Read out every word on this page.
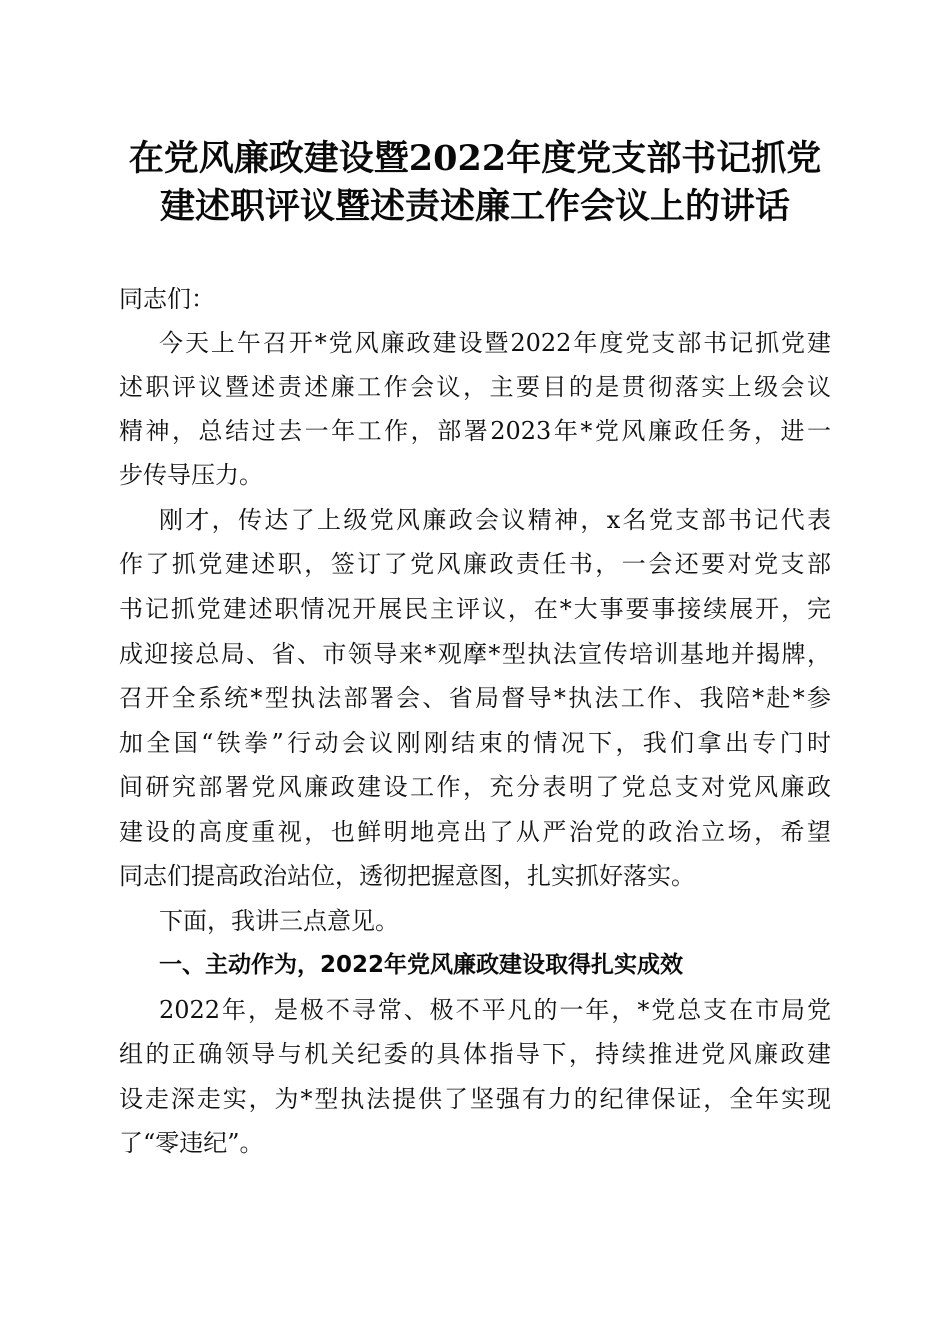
在党风廉政建设暨2022年度党支部书记抓党
建述职评议暨述责述廉工作会议上的讲话
同志们：
今天上午召开*党风廉政建设暨2022年度党支部书记抓党建
述职评议暨述责述廉工作会议，主要目的是贯彻落实上级会议
精神，总结过去一年工作，部署2023年*党风廉政任务，进一
步传导压力。
刚才，传达了上级党风廉政会议精神，x名党支部书记代表
作了抓党建述职，签订了党风廉政责任书，一会还要对党支部
书记抓党建述职情况开展民主评议，在*大事要事接续展开，完
成迎接总局、省、市领导来*观摩*型执法宣传培训基地并揭牌，
召开全系统*型执法部署会、省局督导*执法工作、我陪*赴*参
加全国“铁拳”行动会议刚刚结束的情况下，我们拿出专门时
间研究部署党风廉政建设工作，充分表明了党总支对党风廉政
建设的高度重视，也鲜明地亮出了从严治党的政治立场，希望
同志们提高政治站位，透彻把握意图，扎实抓好落实。
下面，我讲三点意见。
一、主动作为，2022年党风廉政建设取得扎实成效
2022年，是极不寻常、极不平凡的一年，*党总支在市局党
组的正确领导与机关纪委的具体指导下，持续推进党风廉政建
设走深走实，为*型执法提供了坚强有力的纪律保证，全年实现
了“零违纪”。
